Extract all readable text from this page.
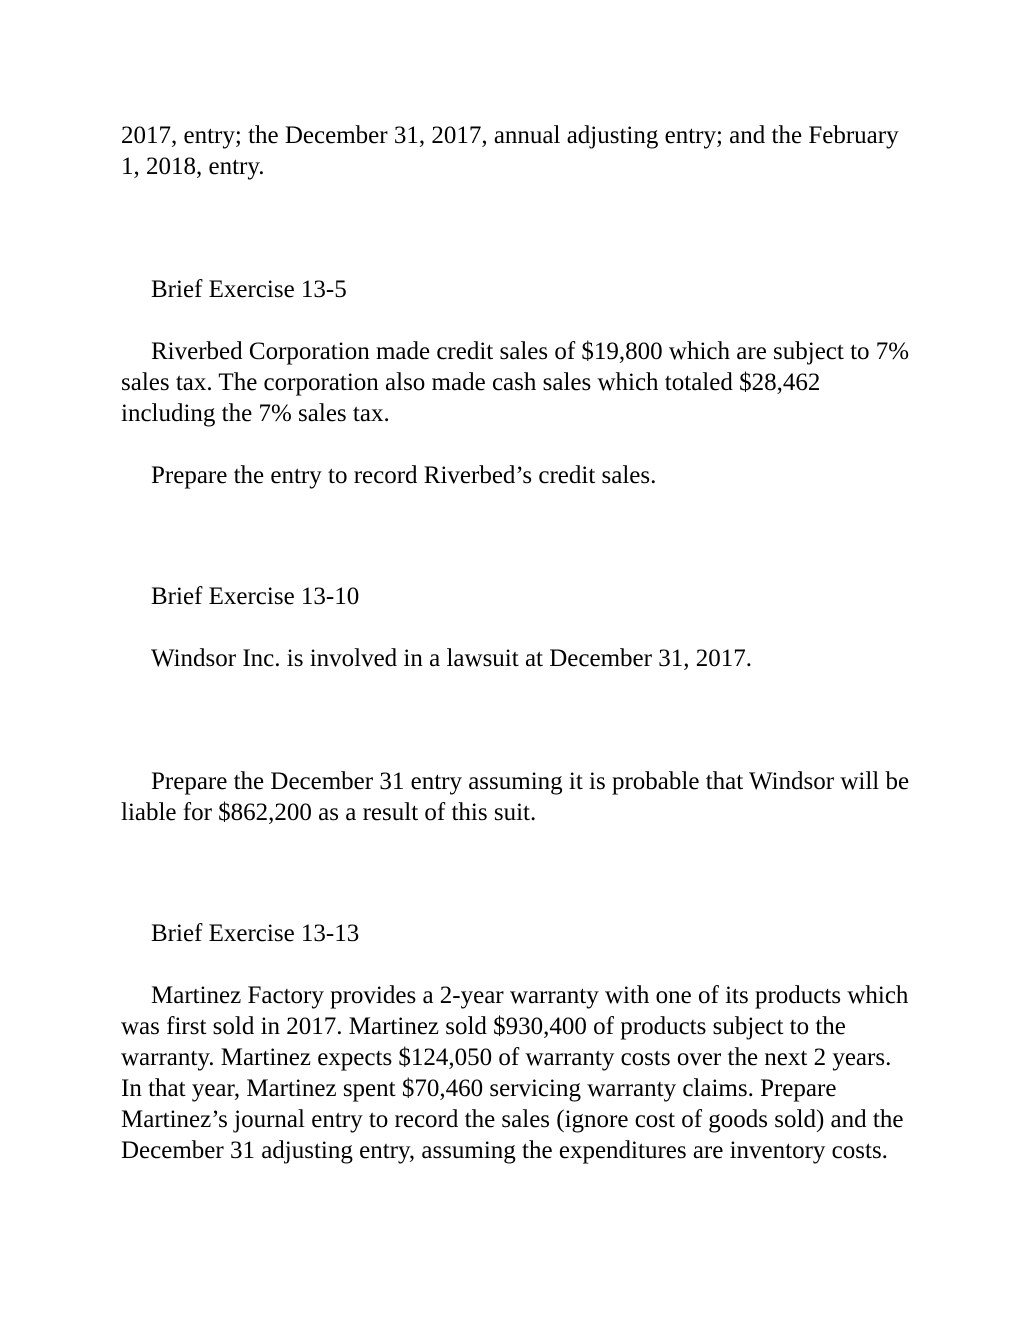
2017, entry; the December 31, 2017, annual adjusting entry; and the February 1, 2018, entry.

Brief Exercise 13-5

Riverbed Corporation made credit sales of $19,800 which are subject to 7% sales tax. The corporation also made cash sales which totaled $28,462 including the 7% sales tax.

Prepare the entry to record Riverbed’s credit sales.

Brief Exercise 13-10

Windsor Inc. is involved in a lawsuit at December 31, 2017.

Prepare the December 31 entry assuming it is probable that Windsor will be liable for $862,200 as a result of this suit.

Brief Exercise 13-13

Martinez Factory provides a 2-year warranty with one of its products which was first sold in 2017. Martinez sold $930,400 of products subject to the warranty. Martinez expects $124,050 of warranty costs over the next 2 years. In that year, Martinez spent $70,460 servicing warranty claims. Prepare Martinez’s journal entry to record the sales (ignore cost of goods sold) and the December 31 adjusting entry, assuming the expenditures are inventory costs.
